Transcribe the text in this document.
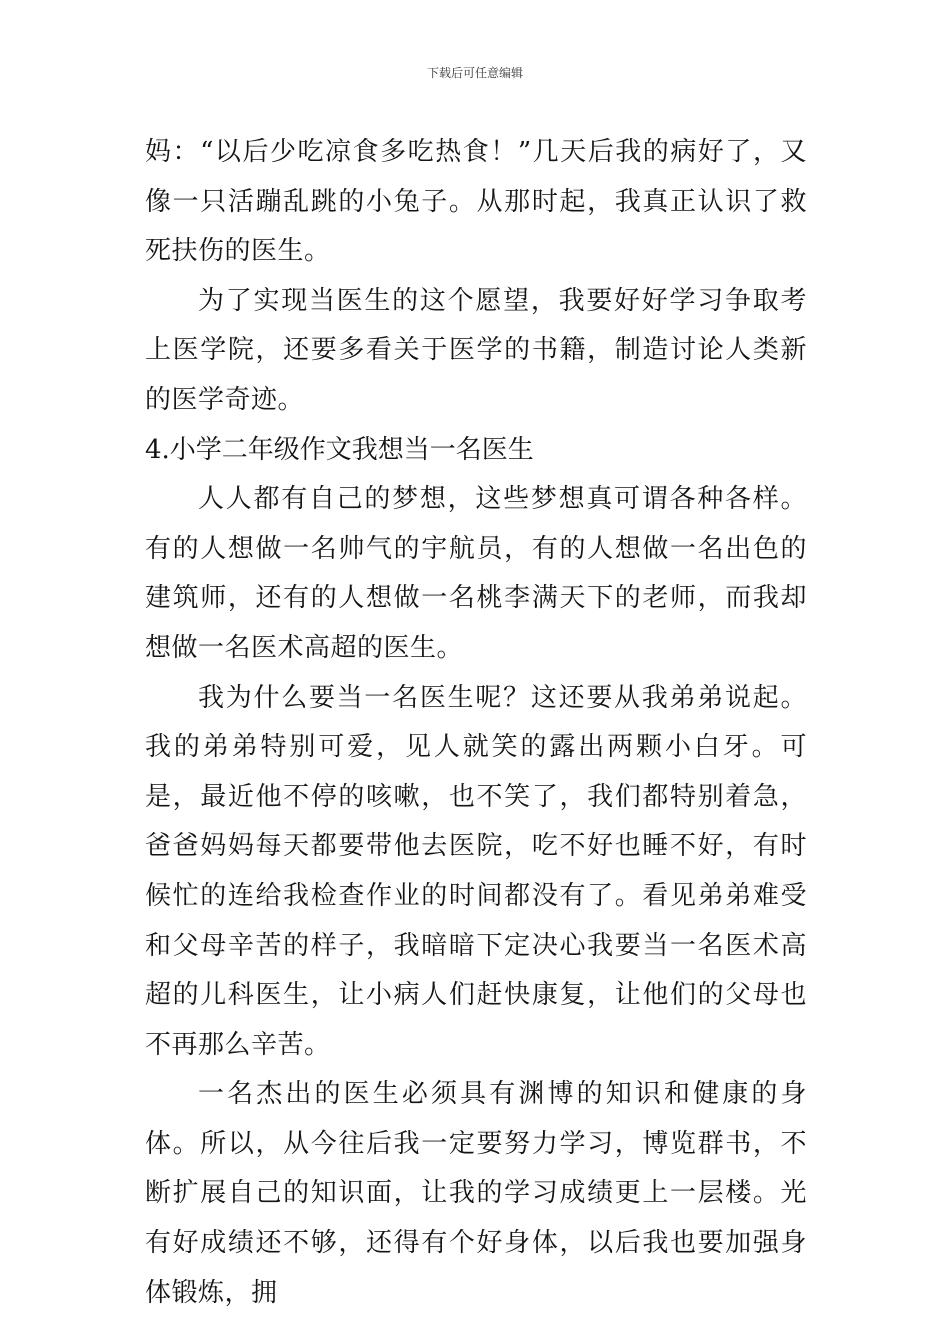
下载后可任意编辑

妈：“以后少吃凉食多吃热食！”几天后我的病好了，又像一只活蹦乱跳的小兔子。从那时起，我真正认识了救死扶伤的医生。

为了实现当医生的这个愿望，我要好好学习争取考上医学院，还要多看关于医学的书籍，制造讨论人类新的医学奇迹。

4.小学二年级作文我想当一名医生

人人都有自己的梦想，这些梦想真可谓各种各样。有的人想做一名帅气的宇航员，有的人想做一名出色的建筑师，还有的人想做一名桃李满天下的老师，而我却想做一名医术高超的医生。

我为什么要当一名医生呢？这还要从我弟弟说起。我的弟弟特别可爱，见人就笑的露出两颗小白牙。可是，最近他不停的咳嗽，也不笑了，我们都特别着急，爸爸妈妈每天都要带他去医院，吃不好也睡不好，有时候忙的连给我检查作业的时间都没有了。看见弟弟难受和父母辛苦的样子，我暗暗下定决心我要当一名医术高超的儿科医生，让小病人们赶快康复，让他们的父母也不再那么辛苦。

一名杰出的医生必须具有渊博的知识和健康的身体。所以，从今往后我一定要努力学习，博览群书，不断扩展自己的知识面，让我的学习成绩更上一层楼。光有好成绩还不够，还得有个好身体，以后我也要加强身体锻炼，拥
